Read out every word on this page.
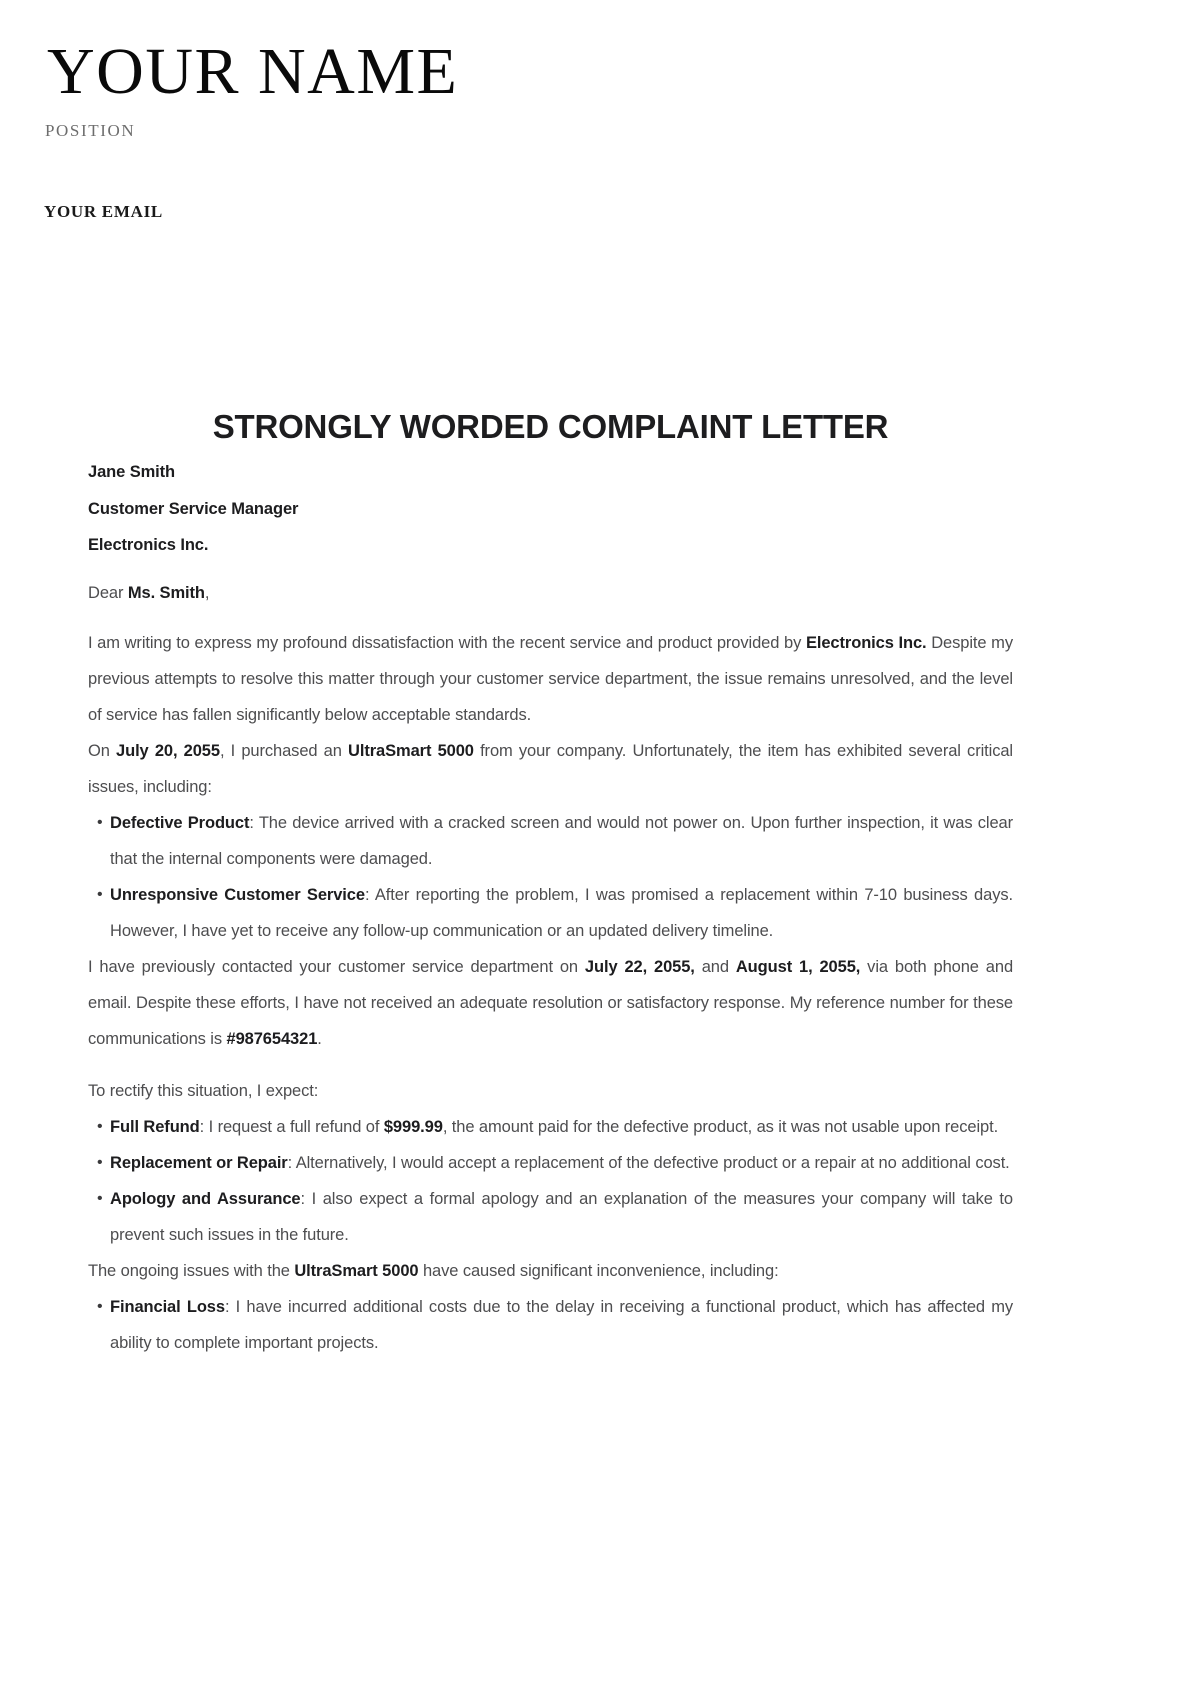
YOUR NAME
POSITION
YOUR EMAIL
STRONGLY WORDED COMPLAINT LETTER
Jane Smith
Customer Service Manager
Electronics Inc.
Dear Ms. Smith,

I am writing to express my profound dissatisfaction with the recent service and product provided by Electronics Inc. Despite my previous attempts to resolve this matter through your customer service department, the issue remains unresolved, and the level of service has fallen significantly below acceptable standards.

On July 20, 2055, I purchased an UltraSmart 5000 from your company. Unfortunately, the item has exhibited several critical issues, including:

• Defective Product: The device arrived with a cracked screen and would not power on. Upon further inspection, it was clear that the internal components were damaged.
• Unresponsive Customer Service: After reporting the problem, I was promised a replacement within 7-10 business days. However, I have yet to receive any follow-up communication or an updated delivery timeline.

I have previously contacted your customer service department on July 22, 2055, and August 1, 2055, via both phone and email. Despite these efforts, I have not received an adequate resolution or satisfactory response. My reference number for these communications is #987654321.

To rectify this situation, I expect:

• Full Refund: I request a full refund of $999.99, the amount paid for the defective product, as it was not usable upon receipt.
• Replacement or Repair: Alternatively, I would accept a replacement of the defective product or a repair at no additional cost.
• Apology and Assurance: I also expect a formal apology and an explanation of the measures your company will take to prevent such issues in the future.

The ongoing issues with the UltraSmart 5000 have caused significant inconvenience, including:

• Financial Loss: I have incurred additional costs due to the delay in receiving a functional product, which has affected my ability to complete important projects.
